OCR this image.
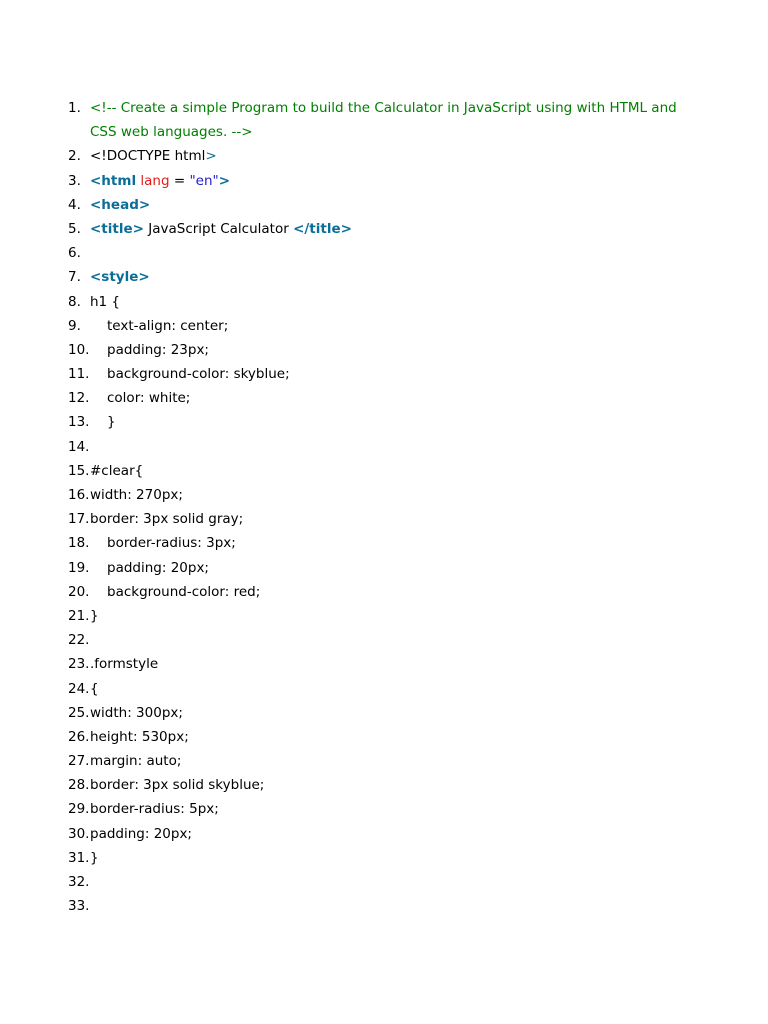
1. <!-- Create a simple Program to build the Calculator in JavaScript using with HTML and CSS web languages. -->
2. <!DOCTYPE html>
3. <html lang = "en">
4. <head>
5. <title> JavaScript Calculator </title>
6.
7. <style>
8. h1 {
9. text-align: center;
10. padding: 23px;
11. background-color: skyblue;
12. color: white;
13. }
14.
15. #clear{
16. width: 270px;
17. border: 3px solid gray;
18. border-radius: 3px;
19. padding: 20px;
20. background-color: red;
21. }
22.
23. .formstyle
24. {
25. width: 300px;
26. height: 530px;
27. margin: auto;
28. border: 3px solid skyblue;
29. border-radius: 5px;
30. padding: 20px;
31. }
32.
33.
